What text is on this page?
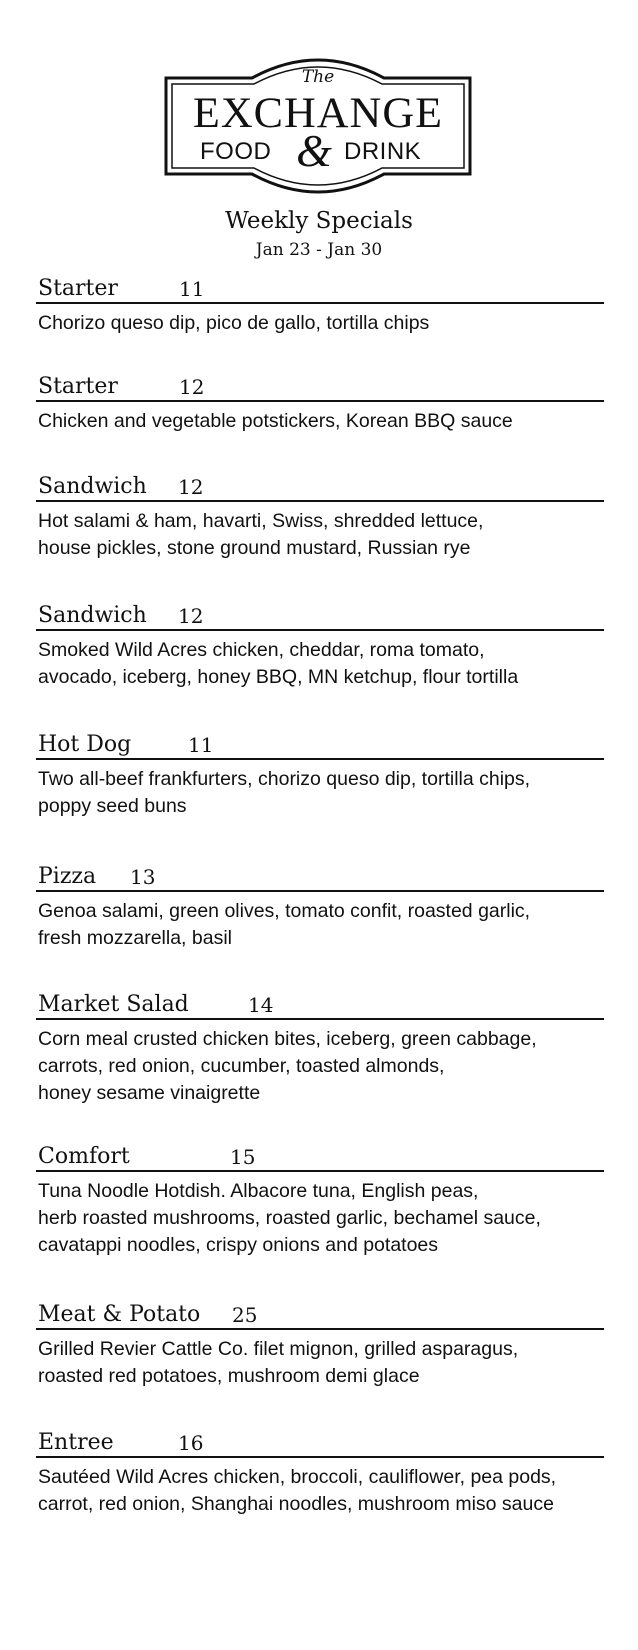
The
EXCHANGE
FOOD & DRINK
Weekly Specials
Jan 23 - Jan 30
Starter	11
Chorizo queso dip, pico de gallo, tortilla chips
Starter	12
Chicken and vegetable potstickers, Korean BBQ sauce
Sandwich 12
Hot salami & ham, havarti, Swiss, shredded lettuce,
house pickles, stone ground mustard, Russian rye
Sandwich 12
Smoked Wild Acres chicken, cheddar, roma tomato,
avocado, iceberg, honey BBQ, MN ketchup, flour tortilla
Hot Dog	11
Two all-beef frankfurters, chorizo queso dip, tortilla chips,
poppy seed buns
Pizza 13
Genoa salami, green olives, tomato confit, roasted garlic,
fresh mozzarella, basil
Market Salad	14
Corn meal crusted chicken bites, iceberg, green cabbage,
carrots, red onion, cucumber, toasted almonds,
honey sesame vinaigrette
Comfort	15
Tuna Noodle Hotdish. Albacore tuna, English peas,
herb roasted mushrooms, roasted garlic, bechamel sauce,
cavatappi noodles, crispy onions and potatoes
Meat & Potato 25
Grilled Revier Cattle Co. filet mignon, grilled asparagus,
roasted red potatoes, mushroom demi glace
Entree	16
Sautéed Wild Acres chicken, broccoli, cauliflower, pea pods,
carrot, red onion, Shanghai noodles, mushroom miso sauce
